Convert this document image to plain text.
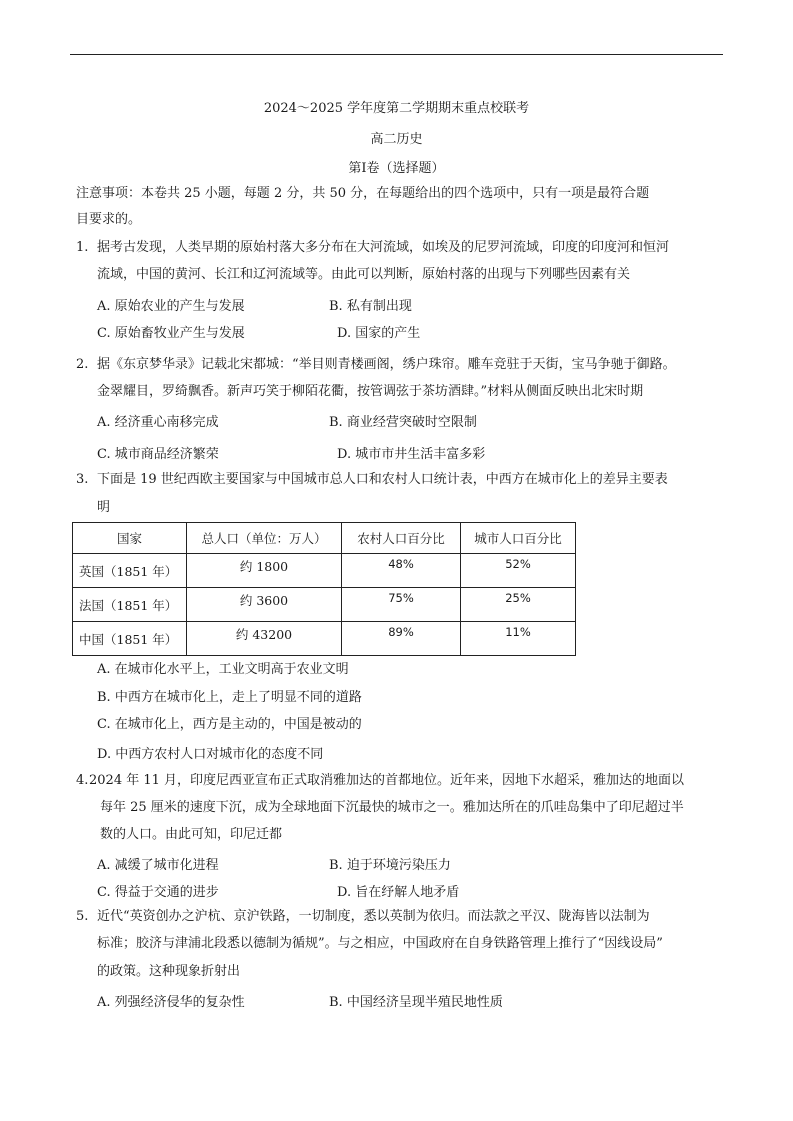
2024～2025 学年度第二学期期末重点校联考
高二历史
第Ⅰ卷（选择题）
注意事项：本卷共 25 小题，每题 2 分，共 50 分，在每题给出的四个选项中，只有一项是最符合题
目要求的。
1. 据考古发现，人类早期的原始村落大多分布在大河流域，如埃及的尼罗河流域，印度的印度河和恒河
流域，中国的黄河、长江和辽河流域等。由此可以判断，原始村落的出现与下列哪些因素有关
A. 原始农业的产生与发展	B. 私有制出现
C. 原始畜牧业产生与发展	D. 国家的产生
2. 据《东京梦华录》记载北宋都城：“举目则青楼画阁，绣户珠帘。雕车竞驻于天街，宝马争驰于御路。
金翠耀目，罗绮飘香。新声巧笑于柳陌花衢，按管调弦于茶坊酒肆。”材料从侧面反映出北宋时期
A. 经济重心南移完成	B. 商业经营突破时空限制
C. 城市商品经济繁荣	D. 城市市井生活丰富多彩
3. 下面是 19 世纪西欧主要国家与中国城市总人口和农村人口统计表，中西方在城市化上的差异主要表
明
国家	总人口（单位：万人）	农村人口百分比	城市人口百分比
英国（1851 年）	约 1800	48%	52%
法国（1851 年）	约 3600	75%	25%
中国（1851 年）	约 43200	89%	11%
A. 在城市化水平上，工业文明高于农业文明
B. 中西方在城市化上，走上了明显不同的道路
C. 在城市化上，西方是主动的，中国是被动的
D. 中西方农村人口对城市化的态度不同
4. 2024 年 11 月，印度尼西亚宣布正式取消雅加达的首都地位。近年来，因地下水超采，雅加达的地面以
每年 25 厘米的速度下沉，成为全球地面下沉最快的城市之一。雅加达所在的爪哇岛集中了印尼超过半
数的人口。由此可知，印尼迁都
A. 减缓了城市化进程	B. 迫于环境污染压力
C. 得益于交通的进步	D. 旨在纾解人地矛盾
5. 近代“英资创办之沪杭、京沪铁路，一切制度，悉以英制为依归。而法款之平汉、陇海皆以法制为
标准；胶济与津浦北段悉以德制为循规”。与之相应，中国政府在自身铁路管理上推行了“因线设局”
的政策。这种现象折射出
A. 列强经济侵华的复杂性	B. 中国经济呈现半殖民地性质
